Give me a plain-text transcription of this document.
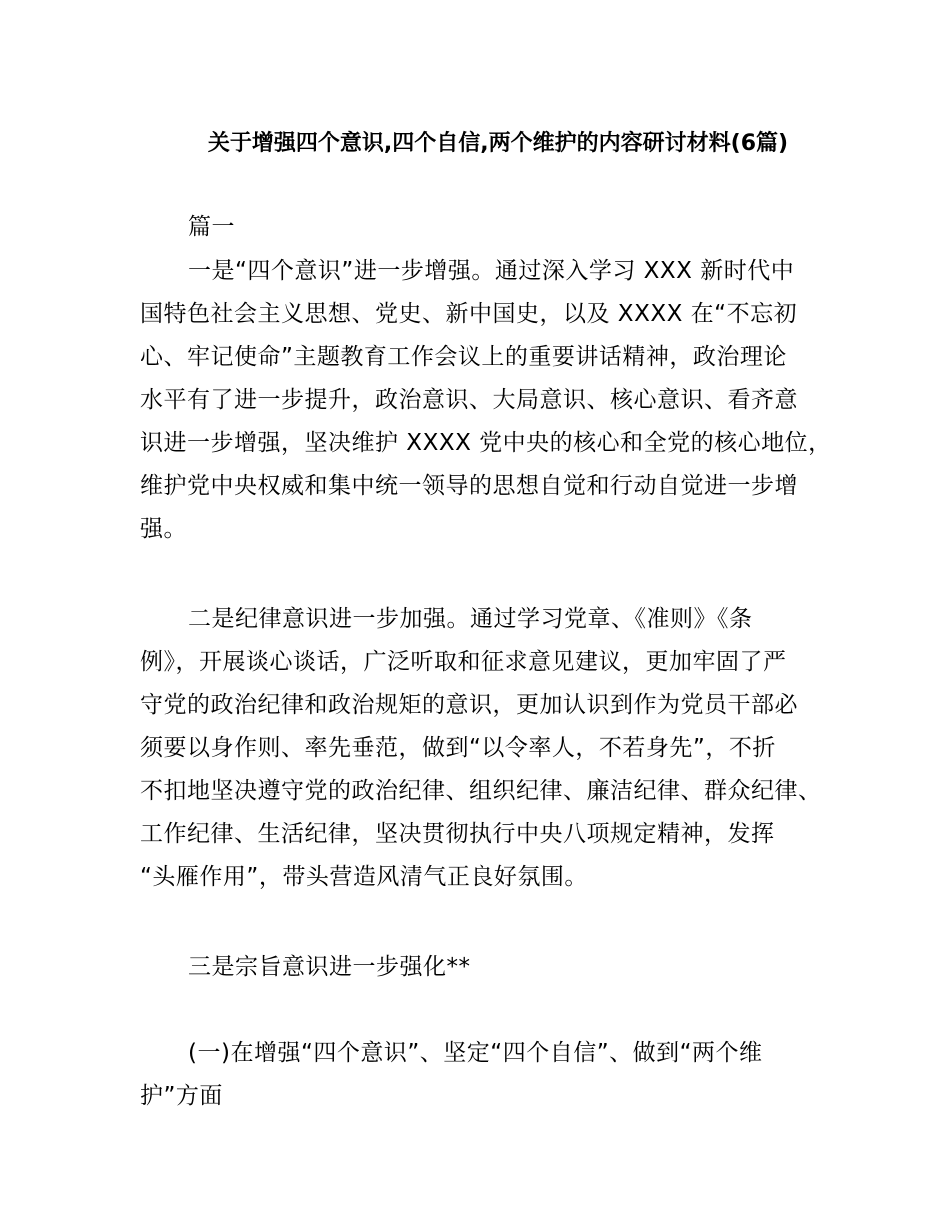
关于增强四个意识,四个自信,两个维护的内容研讨材料(6篇)
篇一
一是“四个意识”进一步增强。通过深入学习 XXX 新时代中
国特色社会主义思想、党史、新中国史，以及 XXXX 在“不忘初
心、牢记使命”主题教育工作会议上的重要讲话精神，政治理论
水平有了进一步提升，政治意识、大局意识、核心意识、看齐意
识进一步增强，坚决维护 XXXX 党中央的核心和全党的核心地位，
维护党中央权威和集中统一领导的思想自觉和行动自觉进一步增
强。
二是纪律意识进一步加强。通过学习党章、《准则》《条
例》，开展谈心谈话，广泛听取和征求意见建议，更加牢固了严
守党的政治纪律和政治规矩的意识，更加认识到作为党员干部必
须要以身作则、率先垂范，做到“以令率人，不若身先”，不折
不扣地坚决遵守党的政治纪律、组织纪律、廉洁纪律、群众纪律、
工作纪律、生活纪律，坚决贯彻执行中央八项规定精神，发挥
“头雁作用”，带头营造风清气正良好氛围。
三是宗旨意识进一步强化**
(一)在增强“四个意识”、坚定“四个自信”、做到“两个维
护”方面
